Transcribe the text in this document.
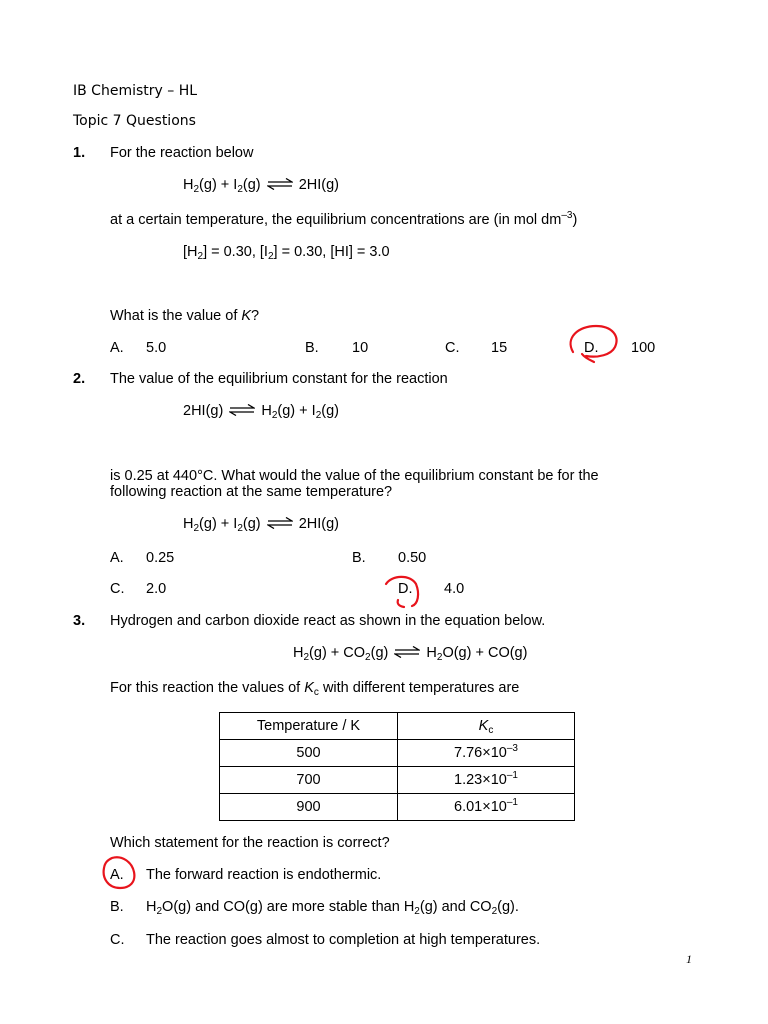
IB Chemistry – HL
Topic 7 Questions
1. For the reaction below
$H_2(g) + I_2(g)$ ⇌ 2HI(g)
at a certain temperature, the equilibrium concentrations are (in mol $dm^{-3}$)
$[H_2] = 0.30$, $[I_2] = 0.30$, [HI] = 3.0
What is the value of K?
A. 5.0	B. 10	C. 15	D. 100
2. The value of the equilibrium constant for the reaction
2HI(g) ⇌ $H_2(g) + I_2(g)$
is 0.25 at 440°C. What would the value of the equilibrium constant be for the
following reaction at the same temperature?
$H_2(g) + I_2(g)$ ⇌ 2HI(g)
A. 0.25	B. 0.50
C. 2.0	D. 4.0
3. Hydrogen and carbon dioxide react as shown in the equation below.
$H_2(g) + CO_2(g)$ ⇌ $H_2O(g) + CO(g)$
For this reaction the values of $K_c$ with different temperatures are
Temperature / K	$K_c$
500	$7.76\times 10^{-3}$
700	$1.23\times 10^{-1}$
900	$6.01\times 10^{-1}$
Which statement for the reaction is correct?
A. The forward reaction is endothermic.
B. $H_2O(g)$ and CO(g) are more stable than $H_2(g)$ and $CO_2(g)$.
C. The reaction goes almost to completion at high temperatures.
1
